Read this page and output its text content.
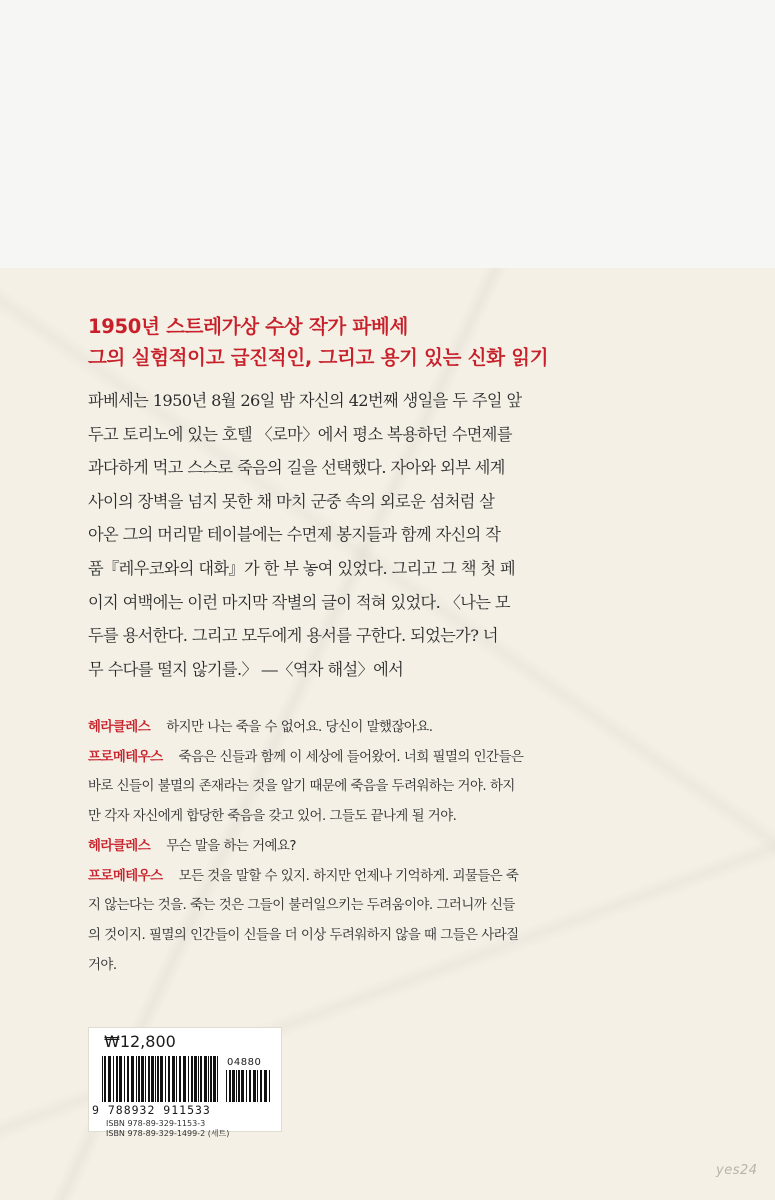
1950년 스트레가상 수상 작가 파베세
그의 실험적이고 급진적인, 그리고 용기 있는 신화 읽기
파베세는 1950년 8월 26일 밤 자신의 42번째 생일을 두 주일 앞
두고 토리노에 있는 호텔 〈로마〉에서 평소 복용하던 수면제를
과다하게 먹고 스스로 죽음의 길을 선택했다. 자아와 외부 세계
사이의 장벽을 넘지 못한 채 마치 군중 속의 외로운 섬처럼 살
아온 그의 머리맡 테이블에는 수면제 봉지들과 함께 자신의 작
품『레우코와의 대화』가 한 부 놓여 있었다. 그리고 그 책 첫 페
이지 여백에는 이런 마지막 작별의 글이 적혀 있었다. 〈나는 모
두를 용서한다. 그리고 모두에게 용서를 구한다. 되었는가? 너
무 수다를 떨지 않기를.〉 ―〈역자 해설〉에서
헤라클레스 하지만 나는 죽을 수 없어요. 당신이 말했잖아요.
프로메테우스 죽음은 신들과 함께 이 세상에 들어왔어. 너희 필멸의 인간들은
바로 신들이 불멸의 존재라는 것을 알기 때문에 죽음을 두려워하는 거야. 하지
만 각자 자신에게 합당한 죽음을 갖고 있어. 그들도 끝나게 될 거야.
헤라클레스 무슨 말을 하는 거예요?
프로메테우스 모든 것을 말할 수 있지. 하지만 언제나 기억하게. 괴물들은 죽
지 않는다는 것을. 죽는 것은 그들이 불러일으키는 두려움이야. 그러니까 신들
의 것이지. 필멸의 인간들이 신들을 더 이상 두려워하지 않을 때 그들은 사라질
거야.
₩12,800
04880
9 788932 911533
ISBN 978-89-329-1153-3
ISBN 978-89-329-1499-2 (세트)
yes24
